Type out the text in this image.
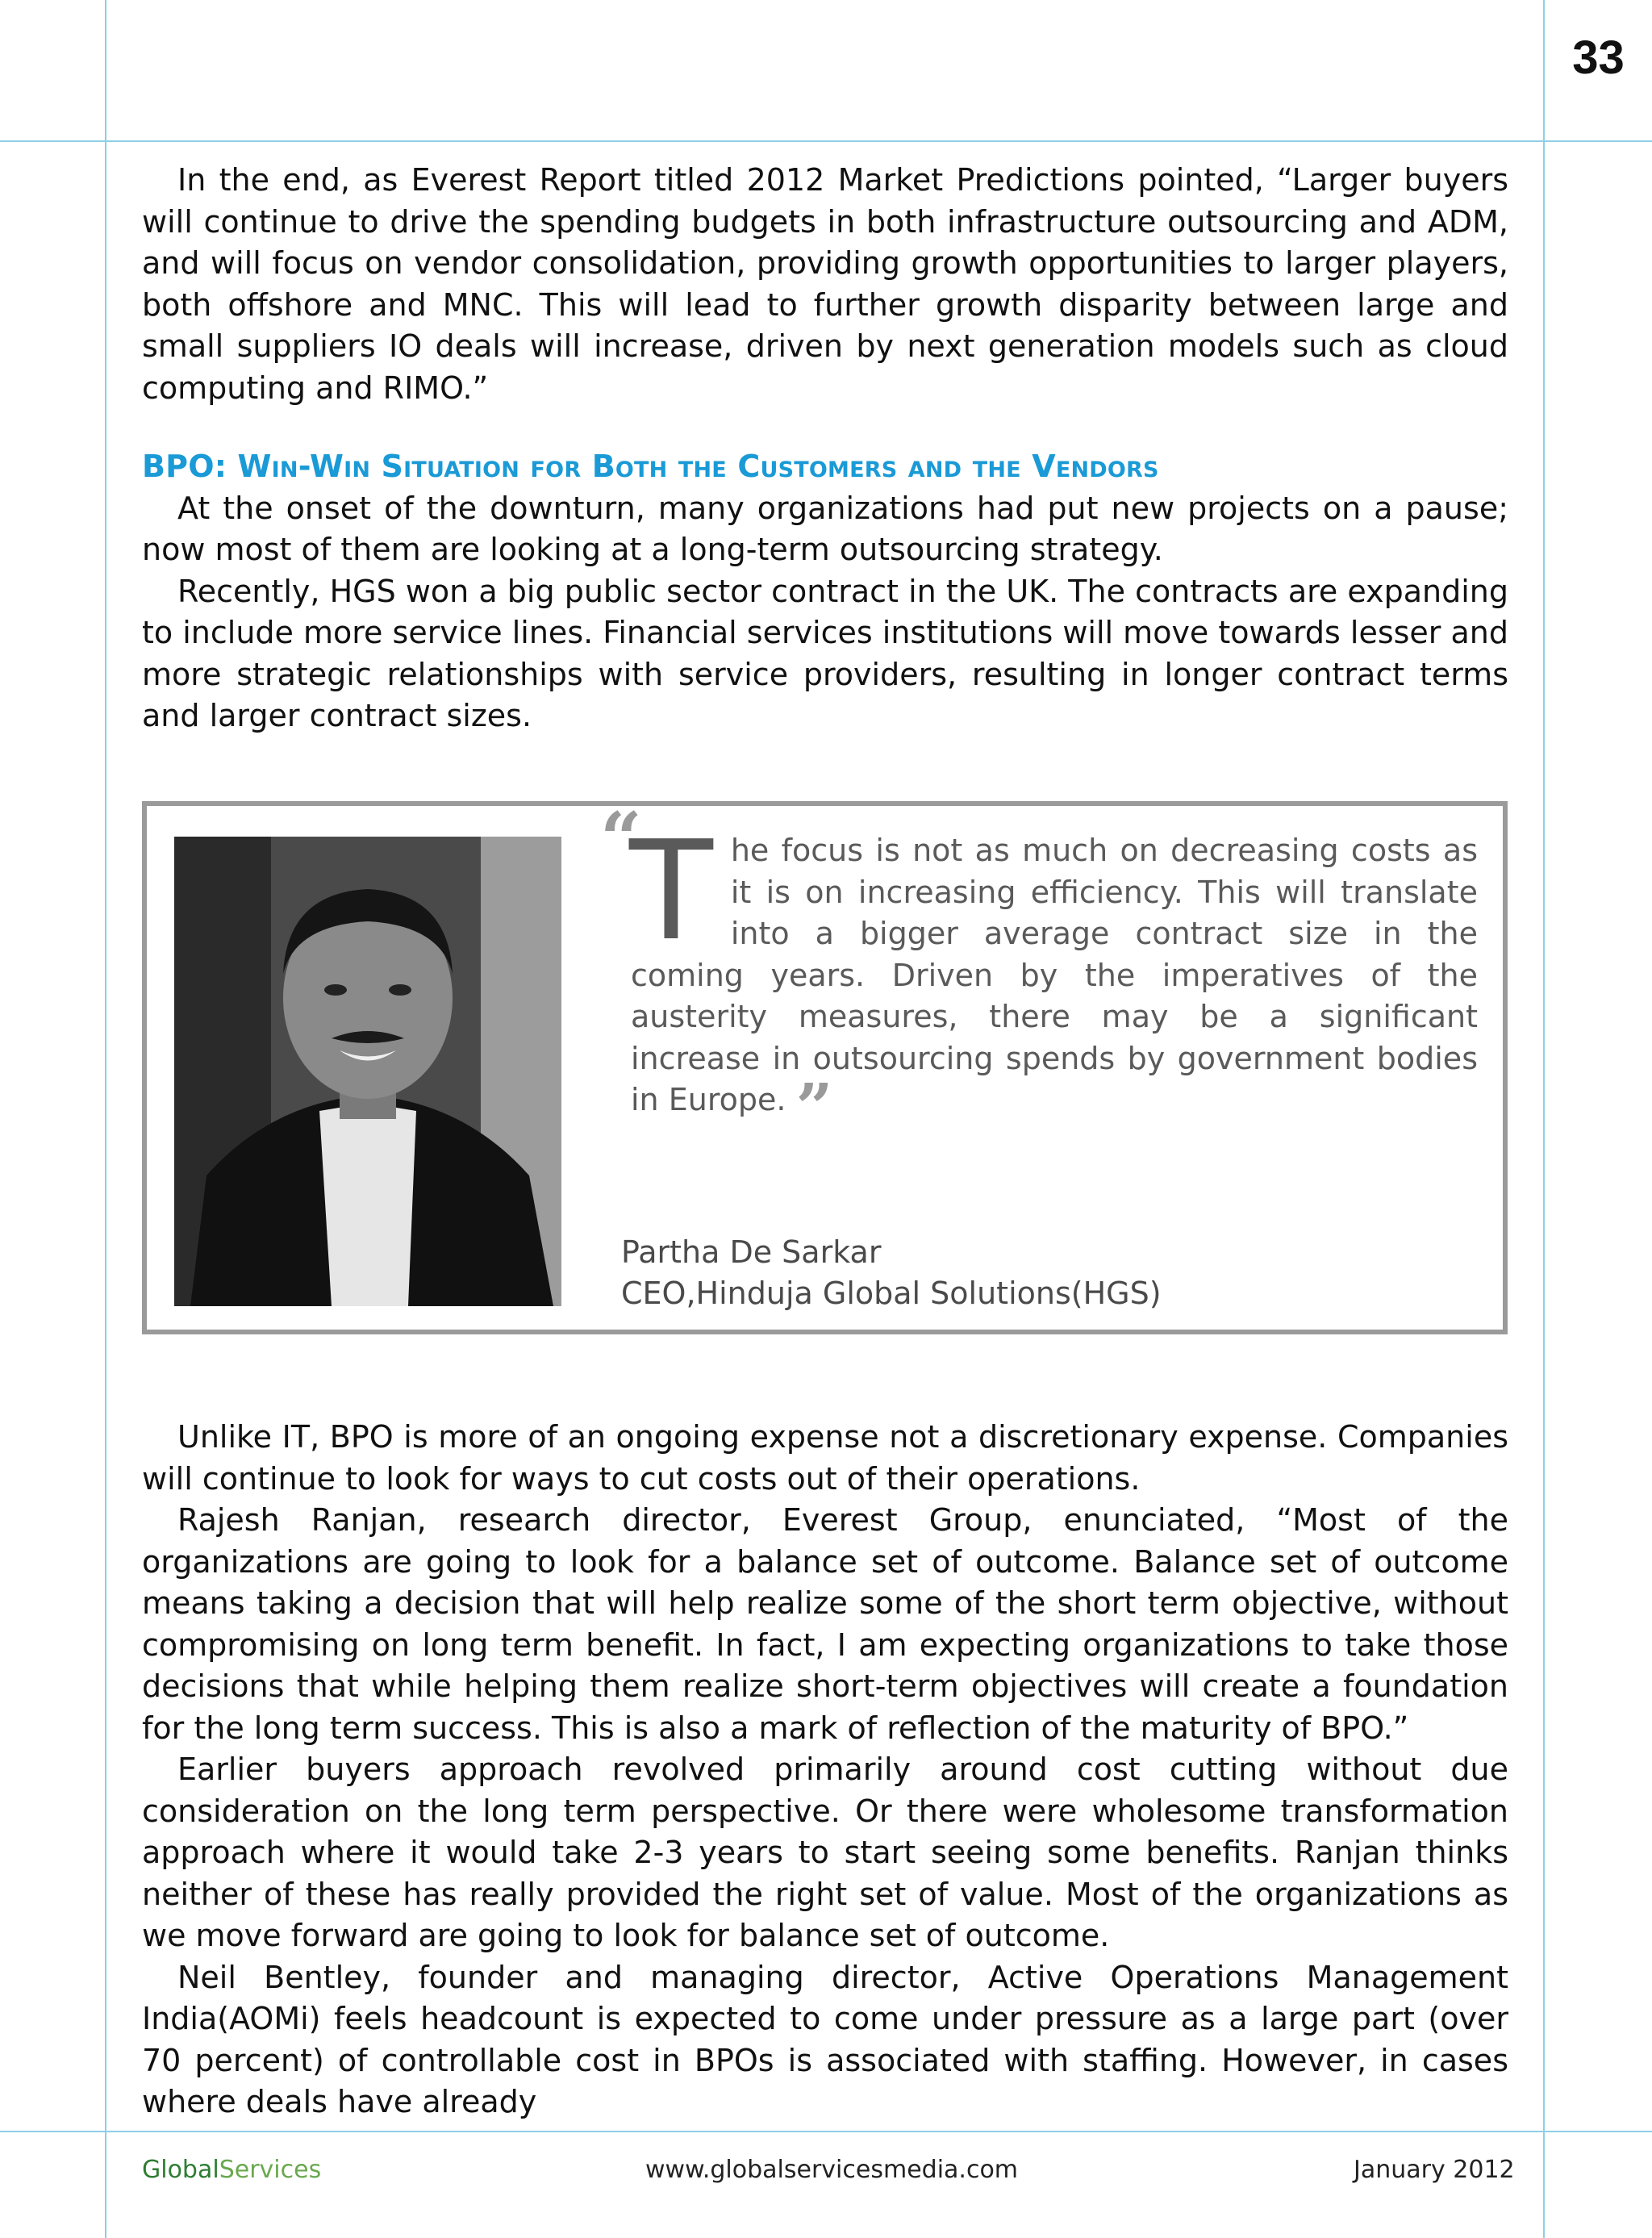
33

In the end, as Everest Report titled 2012 Market Predictions pointed, “Larger buyers will continue to drive the spending budgets in both infrastructure outsourcing and ADM, and will focus on vendor consolidation, providing growth opportunities to larger players, both offshore and MNC. This will lead to further growth disparity between large and small suppliers IO deals will increase, driven by next generation models such as cloud computing and RIMO.”

BPO: Win-Win Situation for Both the Customers and the Vendors

At the onset of the downturn, many organizations had put new projects on a pause; now most of them are looking at a long-term outsourcing strategy.

Recently, HGS won a big public sector contract in the UK. The contracts are expanding to include more service lines. Financial services institutions will move towards lesser and more strategic relationships with service providers, resulting in longer contract terms and larger contract sizes.

“
T he focus is not as much on decreasing costs as it is on increasing efficiency. This will translate into a bigger average contract size in the coming years. Driven by the imperatives of the austerity measures, there may be a significant increase in outsourcing spends by government bodies in Europe. ”
Partha De Sarkar
CEO,Hinduja Global Solutions(HGS)

Unlike IT, BPO is more of an ongoing expense not a discretionary expense. Companies will continue to look for ways to cut costs out of their operations.

Rajesh Ranjan, research director, Everest Group, enunciated, “Most of the organizations are going to look for a balance set of outcome. Balance set of outcome means taking a decision that will help realize some of the short term objective, without compromising on long term benefit. In fact, I am expecting organizations to take those decisions that while helping them realize short-term objectives will create a foundation for the long term success. This is also a mark of reflection of the maturity of BPO.”

Earlier buyers approach revolved primarily around cost cutting without due consideration on the long term perspective. Or there were wholesome transformation approach where it would take 2-3 years to start seeing some benefits. Ranjan thinks neither of these has really provided the right set of value. Most of the organizations as we move forward are going to look for balance set of outcome.

Neil Bentley, founder and managing director, Active Operations Management India(AOMi) feels headcount is expected to come under pressure as a large part (over 70 percent) of controllable cost in BPOs is associated with staffing. However, in cases where deals have already

GlobalServices	www.globalservicesmedia.com	January 2012
